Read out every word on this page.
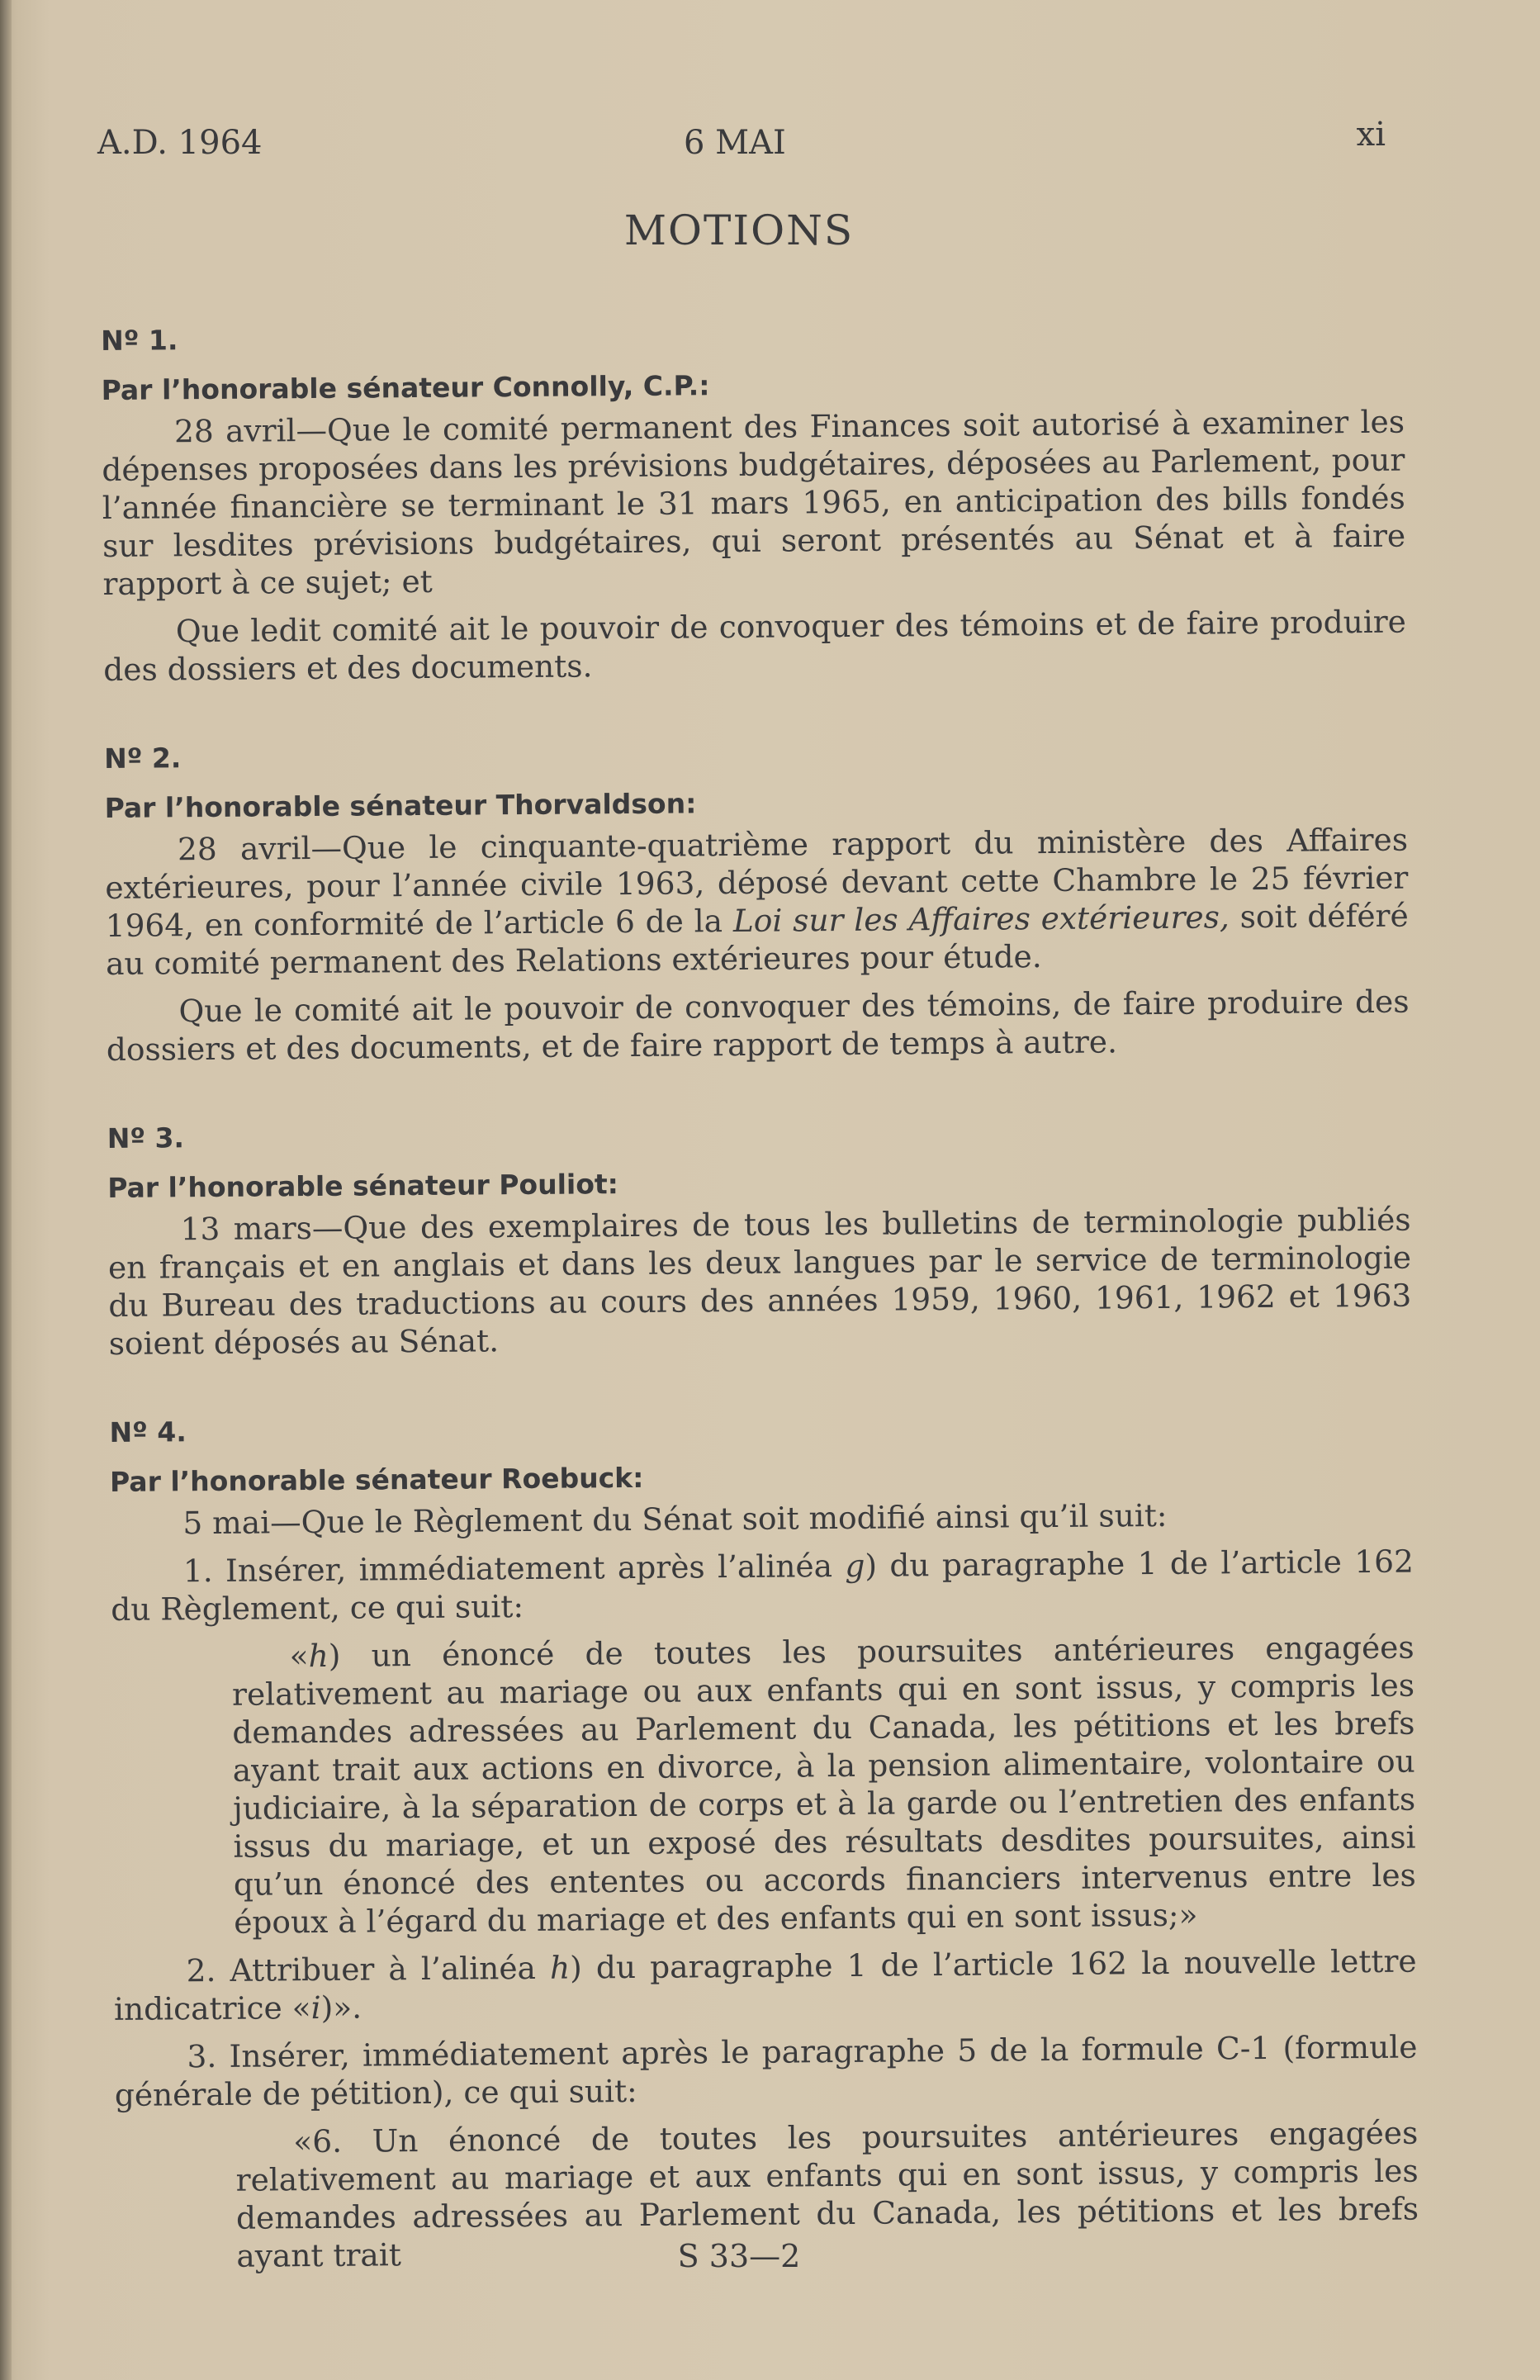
A.D. 1964	6 MAI	xi
MOTIONS
Nº 1.
Par l’honorable sénateur Connolly, C.P.:

28 avril—Que le comité permanent des Finances soit autorisé à examiner les dépenses proposées dans les prévisions budgétaires, déposées au Parlement, pour l’année financière se terminant le 31 mars 1965, en anticipation des bills fondés sur lesdites prévisions budgétaires, qui seront présentés au Sénat et à faire rapport à ce sujet; et

Que ledit comité ait le pouvoir de convoquer des témoins et de faire produire des dossiers et des documents.

Nº 2.
Par l’honorable sénateur Thorvaldson:

28 avril—Que le cinquante-quatrième rapport du ministère des Affaires extérieures, pour l’année civile 1963, déposé devant cette Chambre le 25 février 1964, en conformité de l’article 6 de la Loi sur les Affaires extérieures, soit déféré au comité permanent des Relations extérieures pour étude.

Que le comité ait le pouvoir de convoquer des témoins, de faire produire des dossiers et des documents, et de faire rapport de temps à autre.

Nº 3.
Par l’honorable sénateur Pouliot:

13 mars—Que des exemplaires de tous les bulletins de terminologie publiés en français et en anglais et dans les deux langues par le service de terminologie du Bureau des traductions au cours des années 1959, 1960, 1961, 1962 et 1963 soient déposés au Sénat.

Nº 4.
Par l’honorable sénateur Roebuck:

5 mai—Que le Règlement du Sénat soit modifié ainsi qu’il suit:

1. Insérer, immédiatement après l’alinéa g) du paragraphe 1 de l’article 162 du Règlement, ce qui suit:

«h) un énoncé de toutes les poursuites antérieures engagées relativement au mariage ou aux enfants qui en sont issus, y compris les demandes adressées au Parlement du Canada, les pétitions et les brefs ayant trait aux actions en divorce, à la pension alimentaire, volontaire ou judiciaire, à la séparation de corps et à la garde ou l’entretien des enfants issus du mariage, et un exposé des résultats desdites poursuites, ainsi qu’un énoncé des ententes ou accords financiers intervenus entre les époux à l’égard du mariage et des enfants qui en sont issus;»

2. Attribuer à l’alinéa h) du paragraphe 1 de l’article 162 la nouvelle lettre indicatrice «i)».

3. Insérer, immédiatement après le paragraphe 5 de la formule C-1 (formule générale de pétition), ce qui suit:

«6. Un énoncé de toutes les poursuites antérieures engagées relativement au mariage et aux enfants qui en sont issus, y compris les demandes adressées au Parlement du Canada, les pétitions et les brefs ayant trait	S 33—2
